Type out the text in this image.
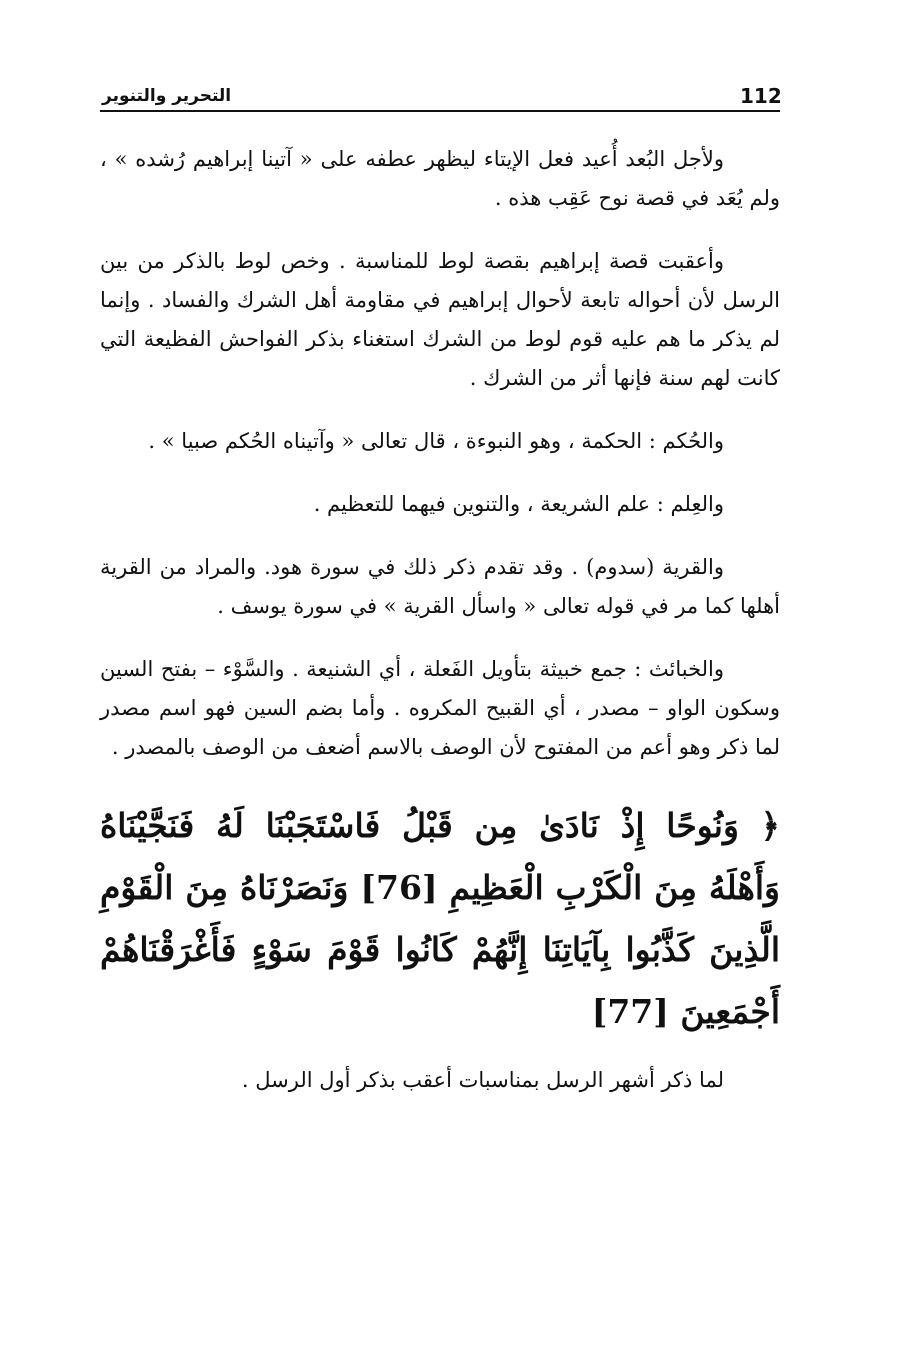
112
التحرير والتنوير

ولأجل البُعد أُعيد فعل الإيتاء ليظهر عطفه على « آتينا إبراهيم رُشده » ، ولم يُعَد في قصة نوح عَقِب هذه .

وأعقبت قصة إبراهيم بقصة لوط للمناسبة . وخص لوط بالذكر من بين الرسل لأن أحواله تابعة لأحوال إبراهيم في مقاومة أهل الشرك والفساد . وإنما لم يذكر ما هم عليه قوم لوط من الشرك استغناء بذكر الفواحش الفظيعة التي كانت لهم سنة فإنها أثر من الشرك .

والحُكم : الحكمة ، وهو النبوءة ، قال تعالى « وآتيناه الحُكم صبيا » .

والعِلم : علم الشريعة ، والتنوين فيهما للتعظيم .

والقرية (سدوم) . وقد تقدم ذكر ذلك في سورة هود. والمراد من القرية أهلها كما مر في قوله تعالى « واسأل القرية » في سورة يوسف .

والخبائث : جمع خبيثة بتأويل الفَعلة ، أي الشنيعة . والسَّوْء – بفتح السين وسكون الواو – مصدر ، أي القبيح المكروه . وأما بضم السين فهو اسم مصدر لما ذكر وهو أعم من المفتوح لأن الوصف بالاسم أضعف من الوصف بالمصدر .

﴿ وَنُوحًا إِذْ نَادَىٰ مِن قَبْلُ فَاسْتَجَبْنَا لَهُ فَنَجَّيْنَاهُ وَأَهْلَهُ مِنَ الْكَرْبِ الْعَظِيمِ [76] وَنَصَرْنَاهُ مِنَ الْقَوْمِ الَّذِينَ كَذَّبُوا بِآيَاتِنَا إِنَّهُمْ كَانُوا قَوْمَ سَوْءٍ فَأَغْرَقْنَاهُمْ أَجْمَعِينَ [77]

لما ذكر أشهر الرسل بمناسبات أعقب بذكر أول الرسل .
